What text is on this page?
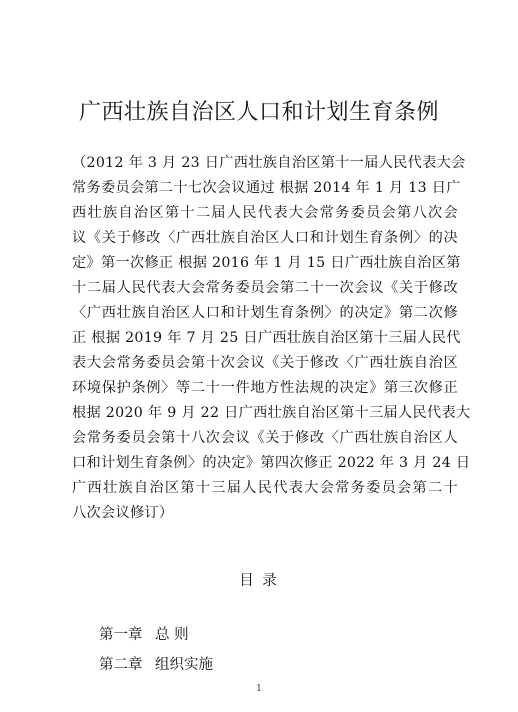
广西壮族自治区人口和计划生育条例
（2012 年 3 月 23 日广西壮族自治区第十一届人民代表大会
常务委员会第二十七次会议通过 根据 2014 年 1 月 13 日广
西壮族自治区第十二届人民代表大会常务委员会第八次会
议《关于修改〈广西壮族自治区人口和计划生育条例〉的决
定》第一次修正 根据 2016 年 1 月 15 日广西壮族自治区第
十二届人民代表大会常务委员会第二十一次会议《关于修改
〈广西壮族自治区人口和计划生育条例〉的决定》第二次修
正 根据 2019 年 7 月 25 日广西壮族自治区第十三届人民代
表大会常务委员会第十次会议《关于修改〈广西壮族自治区
环境保护条例〉等二十一件地方性法规的决定》第三次修正
根据 2020 年 9 月 22 日广西壮族自治区第十三届人民代表大
会常务委员会第十八次会议《关于修改〈广西壮族自治区人
口和计划生育条例〉的决定》第四次修正 2022 年 3 月 24 日
广西壮族自治区第十三届人民代表大会常务委员会第二十
八次会议修订）
目 录
第一章 总 则
第二章 组织实施
1
